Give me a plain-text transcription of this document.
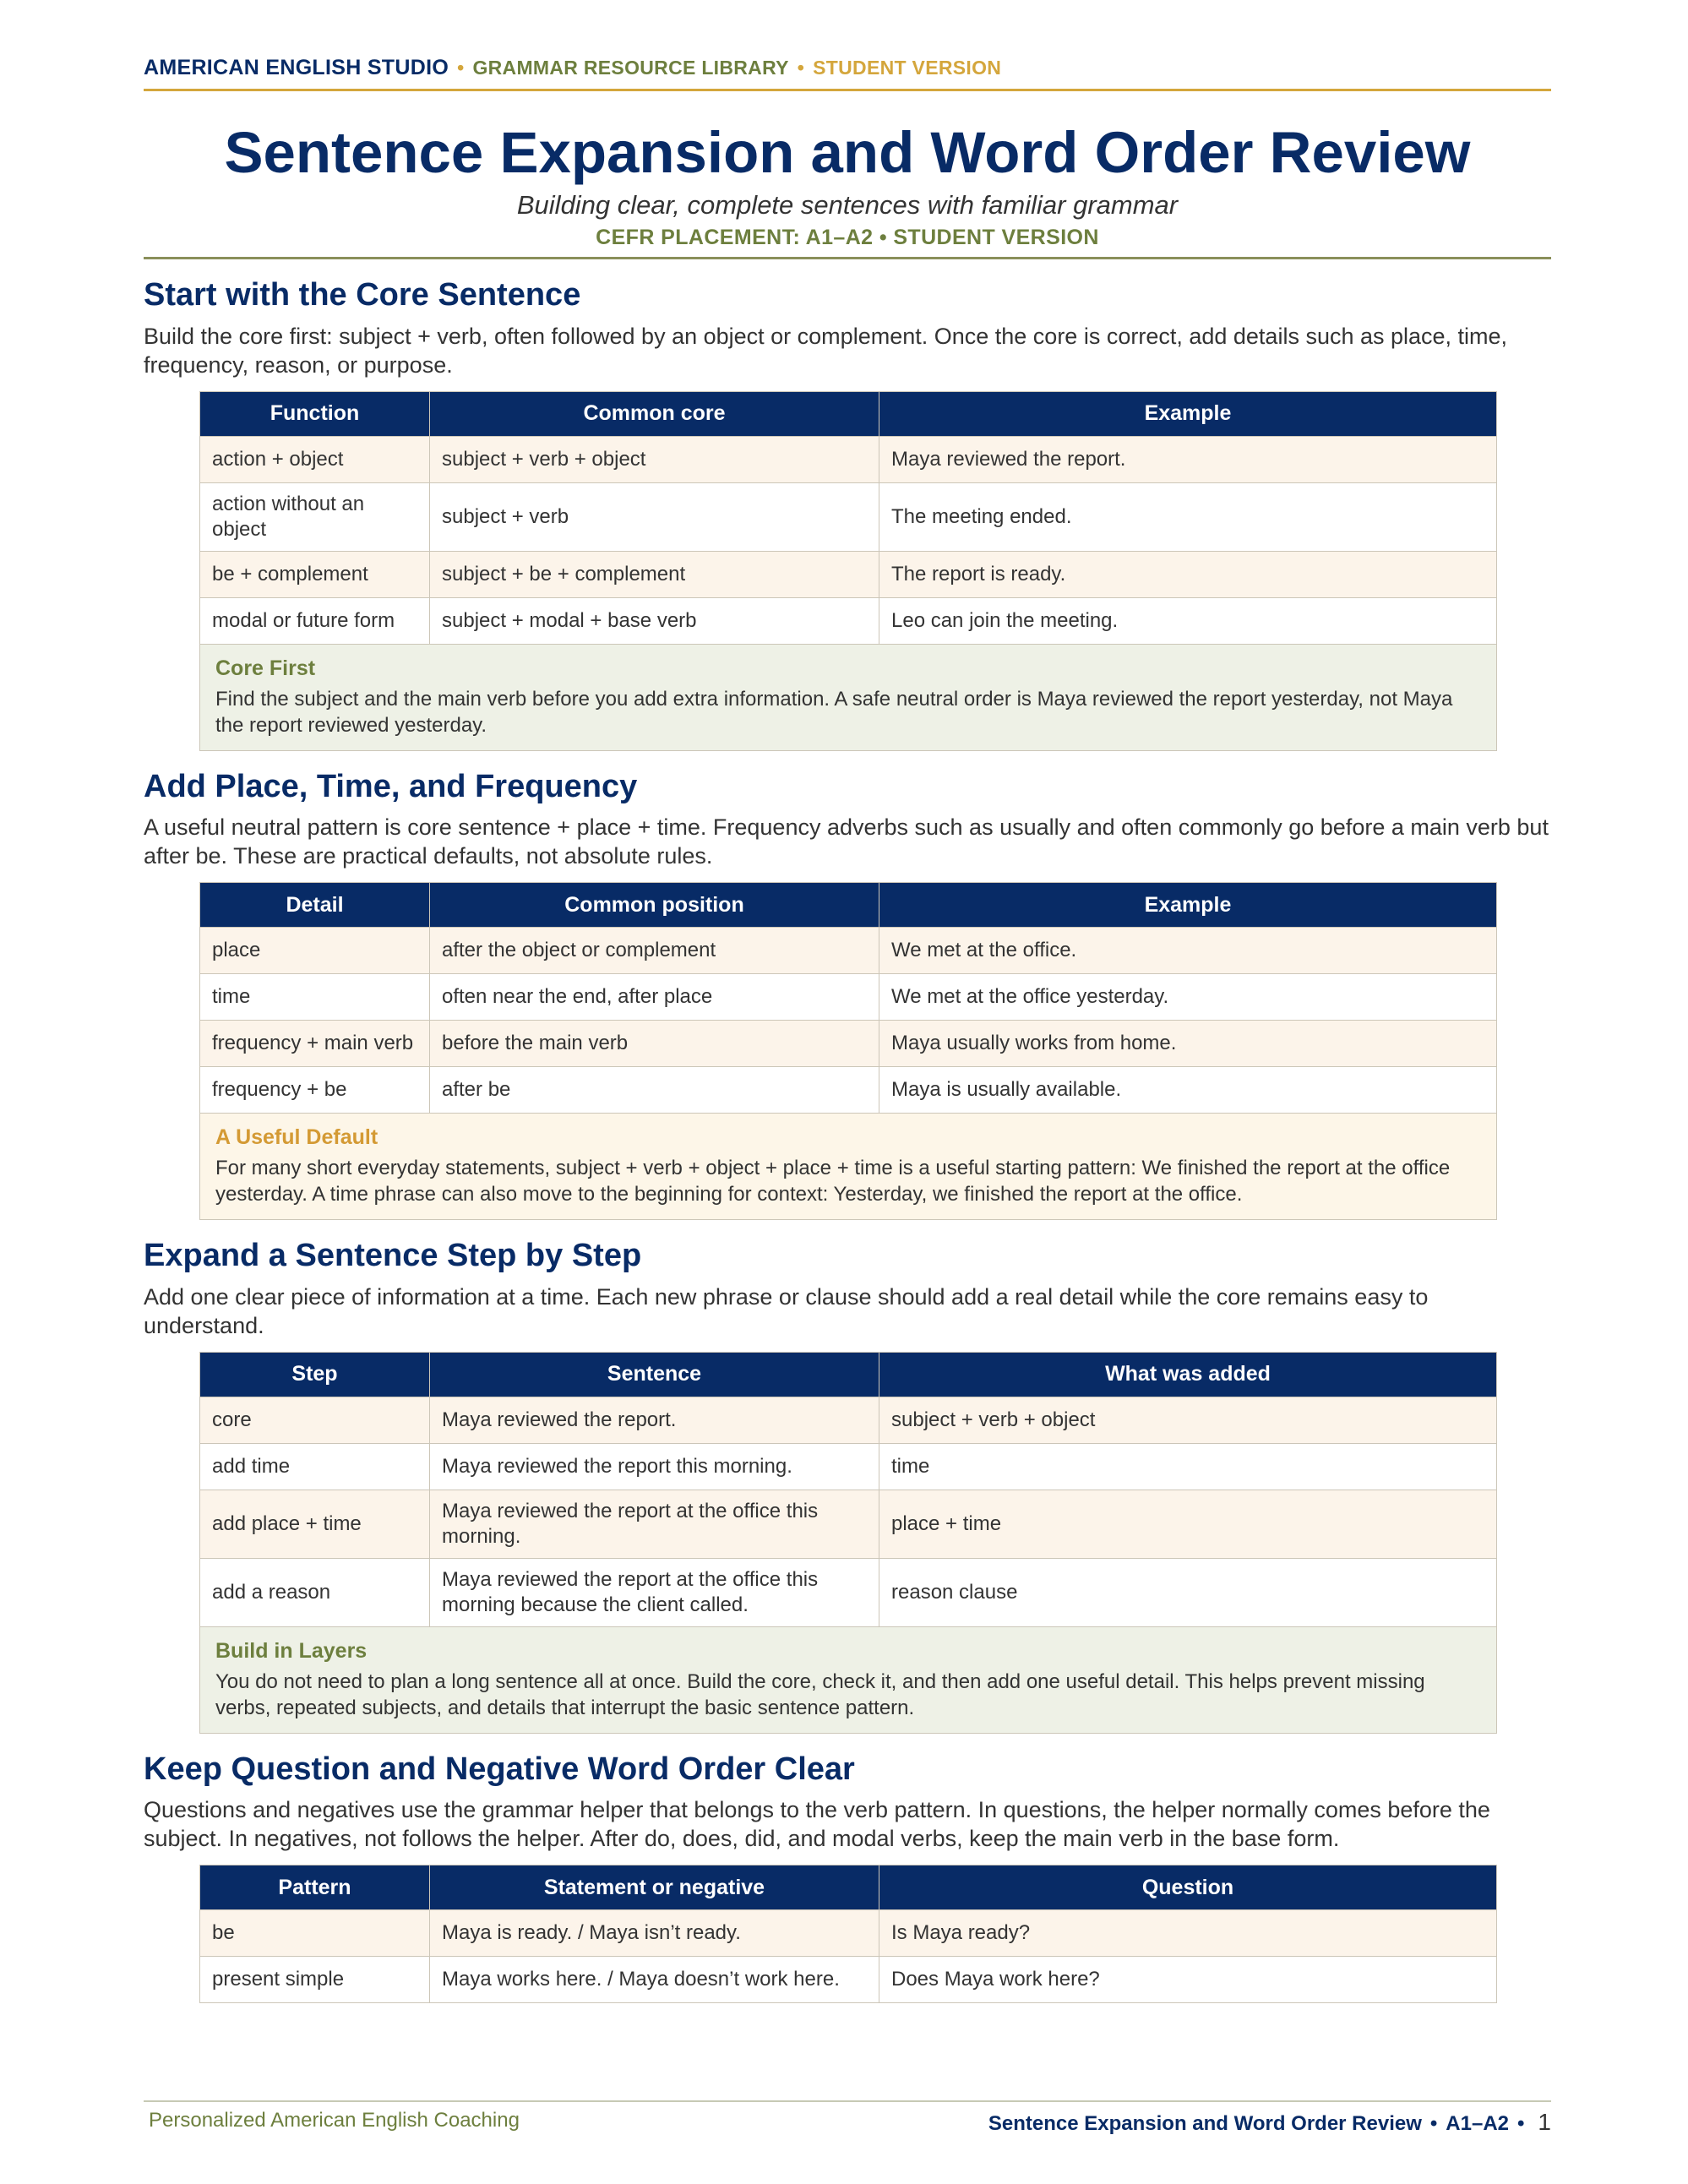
AMERICAN ENGLISH STUDIO • GRAMMAR RESOURCE LIBRARY • STUDENT VERSION
Sentence Expansion and Word Order Review
Building clear, complete sentences with familiar grammar
CEFR PLACEMENT: A1–A2 • STUDENT VERSION
Start with the Core Sentence

Build the core first: subject + verb, often followed by an object or complement. Once the core is correct, add details such as place, time, frequency, reason, or purpose.

Function	Common core	Example
action + object	subject + verb + object	Maya reviewed the report.
action without an object	subject + verb	The meeting ended.
be + complement	subject + be + complement	The report is ready.
modal or future form	subject + modal + base verb	Leo can join the meeting.
Core First
Find the subject and the main verb before you add extra information. A safe neutral order is Maya reviewed the report yesterday, not Maya the report reviewed yesterday.
Add Place, Time, and Frequency

A useful neutral pattern is core sentence + place + time. Frequency adverbs such as usually and often commonly go before a main verb but after be. These are practical defaults, not absolute rules.

Detail	Common position	Example
place	after the object or complement	We met at the office.
time	often near the end, after place	We met at the office yesterday.
frequency + main verb	before the main verb	Maya usually works from home.
frequency + be	after be	Maya is usually available.
A Useful Default
For many short everyday statements, subject + verb + object + place + time is a useful starting pattern: We finished the report at the office yesterday. A time phrase can also move to the beginning for context: Yesterday, we finished the report at the office.
Expand a Sentence Step by Step

Add one clear piece of information at a time. Each new phrase or clause should add a real detail while the core remains easy to understand.

Step	Sentence	What was added
core	Maya reviewed the report.	subject + verb + object
add time	Maya reviewed the report this morning.	time
add place + time	Maya reviewed the report at the office this morning.	place + time
add a reason	Maya reviewed the report at the office this morning because the client called.	reason clause
Build in Layers
You do not need to plan a long sentence all at once. Build the core, check it, and then add one useful detail. This helps prevent missing verbs, repeated subjects, and details that interrupt the basic sentence pattern.
Keep Question and Negative Word Order Clear

Questions and negatives use the grammar helper that belongs to the verb pattern. In questions, the helper normally comes before the subject. In negatives, not follows the helper. After do, does, did, and modal verbs, keep the main verb in the base form.

Pattern	Statement or negative	Question
be	Maya is ready. / Maya isn’t ready.	Is Maya ready?
present simple	Maya works here. / Maya doesn’t work here.	Does Maya work here?
Personalized American English Coaching	Sentence Expansion and Word Order Review • A1–A2 • 1
